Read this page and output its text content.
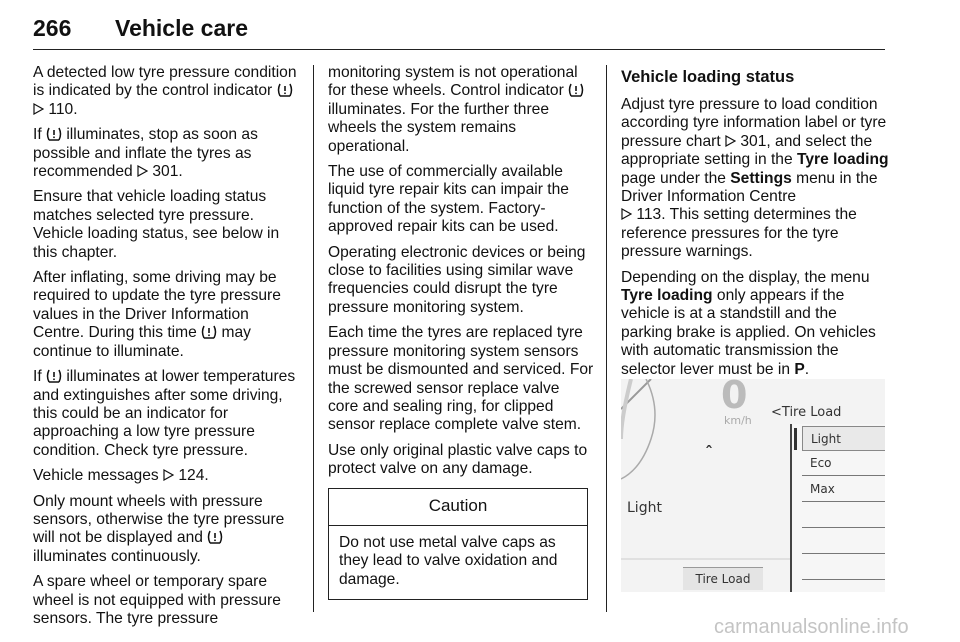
266 Vehicle care

A detected low tyre pressure condition is indicated by the control indicator
110.

If
illuminates, stop as soon as possible and inflate the tyres as recommended  301.

Ensure that vehicle loading status matches selected tyre pressure. Vehicle loading status, see below in this chapter.

After inflating, some driving may be required to update the tyre pressure values in the Driver Information Centre. During this time
may continue to illuminate.

If
illuminates at lower temperatures and extinguishes after some driving, this could be an indicator for approaching a low tyre pressure condition. Check tyre pressure.

Vehicle messages  124.

Only mount wheels with pressure sensors, otherwise the tyre pressure will not be displayed and
illuminates continuously.

A spare wheel or temporary spare wheel is not equipped with pressure sensors. The tyre pressure

monitoring system is not operational for these wheels. Control indicator
illuminates. For the further three wheels the system remains operational.

The use of commercially available liquid tyre repair kits can impair the function of the system. Factory-approved repair kits can be used.

Operating electronic devices or being close to facilities using similar wave frequencies could disrupt the tyre pressure monitoring system.

Each time the tyres are replaced tyre pressure monitoring system sensors must be dismounted and serviced. For the screwed sensor replace valve core and sealing ring, for clipped sensor replace complete valve stem.

Use only original plastic valve caps to protect valve on any damage.

Caution
Do not use metal valve caps as they lead to valve oxidation and damage.

Vehicle loading status

Adjust tyre pressure to load condition according tyre information label or tyre pressure chart  301, and select the appropriate setting in the Tyre loading page under the Settings menu in the Driver Information Centre
113. This setting determines the reference pressures for the tyre pressure warnings.

Depending on the display, the menu Tyre loading only appears if the vehicle is at a standstill and the parking brake is applied. On vehicles with automatic transmission the selector lever must be in P.

0
km/h
<Tire Load
ˆ
Light
Light
Eco
Max
Tire Load
carmanualsonline.info
